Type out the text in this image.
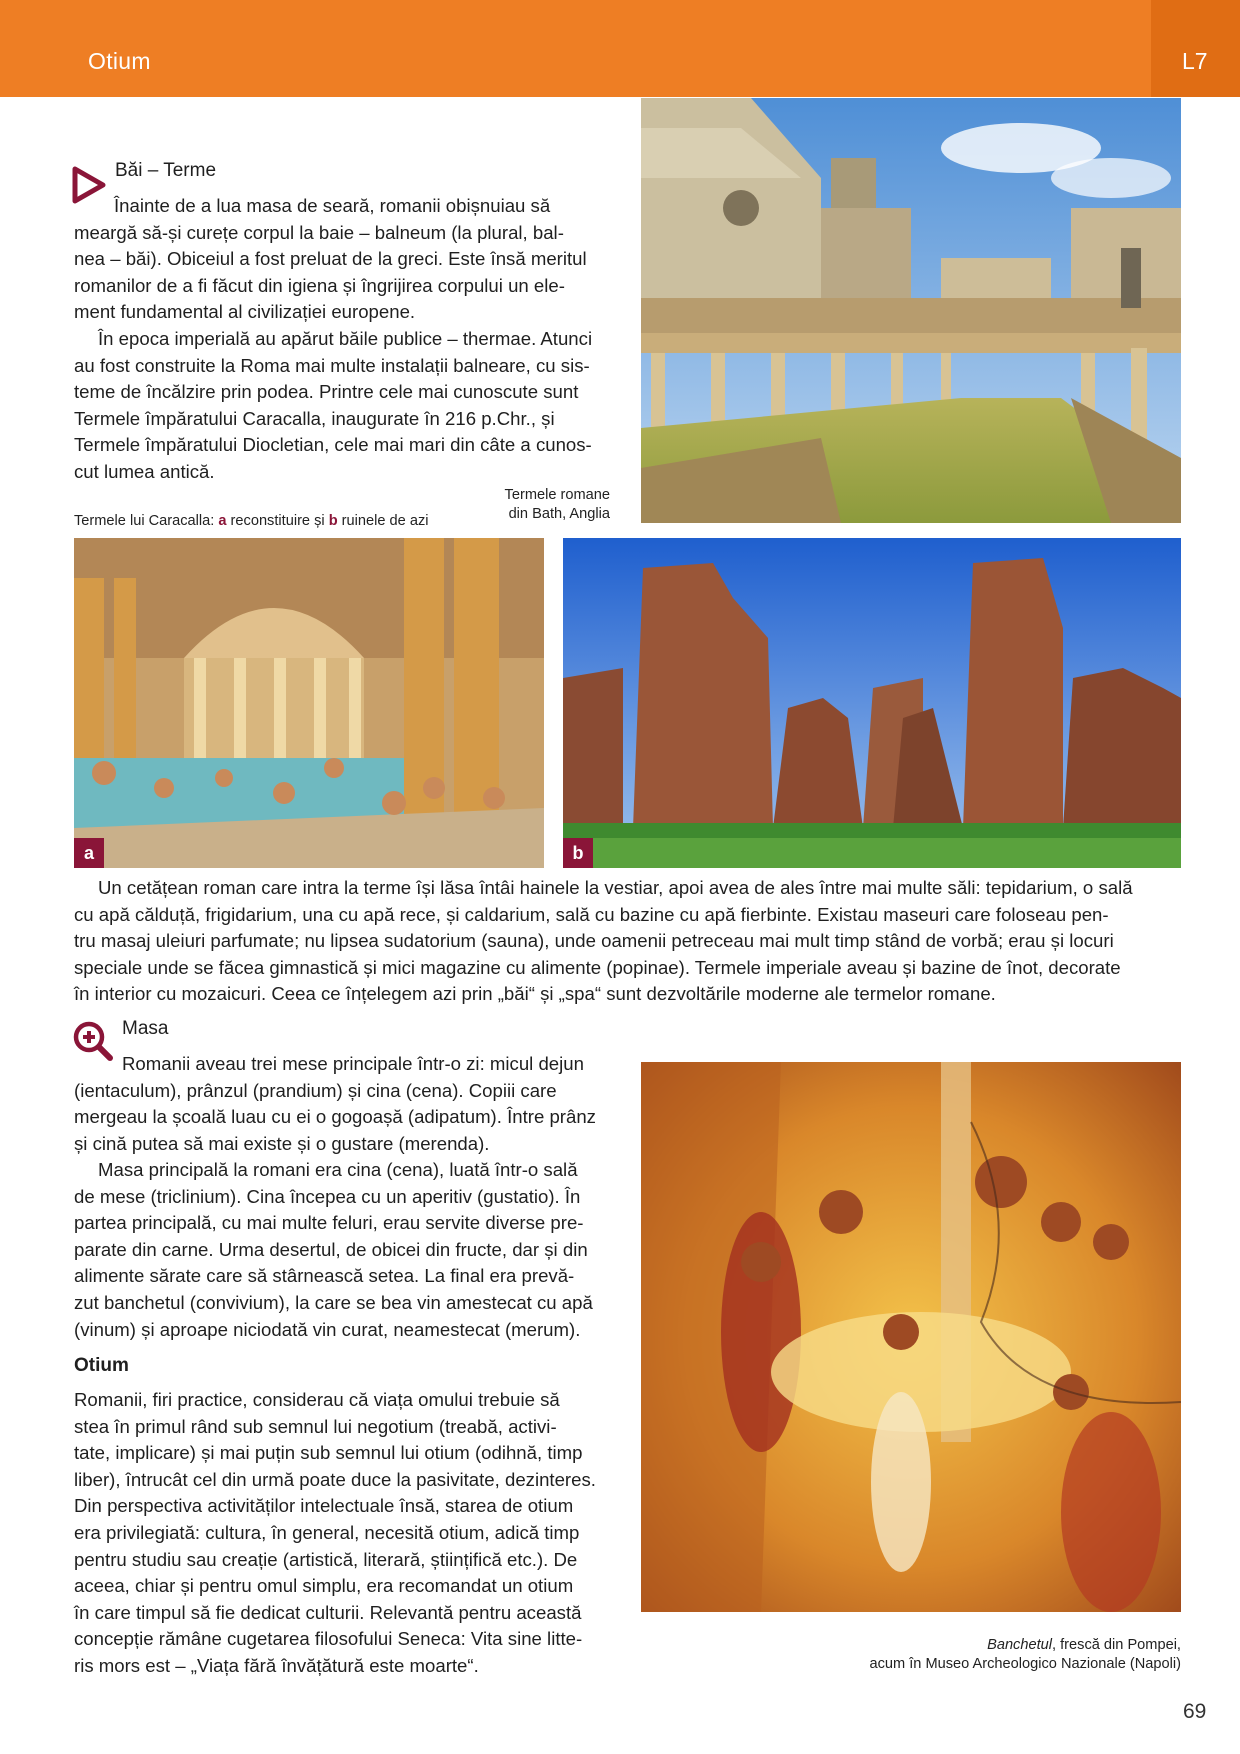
Otium	L7
Băi – Terme
Înainte de a lua masa de seară, romanii obișnuiau să
meargă să-și curețe corpul la baie – balneum (la plural, bal-
nea – băi). Obiceiul a fost preluat de la greci. Este însă meritul
romanilor de a fi făcut din igiena și îngrijirea corpului un ele-
ment fundamental al civilizației europene.
În epoca imperială au apărut băile publice – thermae. Atunci
au fost construite la Roma mai multe instalații balneare, cu sis-
teme de încălzire prin podea. Printre cele mai cunoscute sunt
Termele împăratului Caracalla, inaugurate în 216 p.Chr., și
Termele împăratului Diocletian, cele mai mari din câte a cunos-
cut lumea antică.
Termele romane
din Bath, Anglia
Termele lui Caracalla: a reconstituire și b ruinele de azi
a	b
Un cetățean roman care intra la terme își lăsa întâi hainele la vestiar, apoi avea de ales între mai multe săli: tepidarium, o sală
cu apă călduță, frigidarium, una cu apă rece, și caldarium, sală cu bazine cu apă fierbinte. Existau maseuri care foloseau pen-
tru masaj uleiuri parfumate; nu lipsea sudatorium (sauna), unde oamenii petreceau mai mult timp stând de vorbă; erau și locuri
speciale unde se făcea gimnastică și mici magazine cu alimente (popinae). Termele imperiale aveau și bazine de înot, decorate
în interior cu mozaicuri. Ceea ce înțelegem azi prin „băi“ și „spa“ sunt dezvoltările moderne ale termelor romane.
Masa
Romanii aveau trei mese principale într-o zi: micul dejun
(ientaculum), prânzul (prandium) și cina (cena). Copiii care
mergeau la școală luau cu ei o gogoașă (adipatum). Între prânz
și cină putea să mai existe și o gustare (merenda).
Masa principală la romani era cina (cena), luată într-o sală
de mese (triclinium). Cina începea cu un aperitiv (gustatio). În
partea principală, cu mai multe feluri, erau servite diverse pre-
parate din carne. Urma desertul, de obicei din fructe, dar și din
alimente sărate care să stârnească setea. La final era prevă-
zut banchetul (convivium), la care se bea vin amestecat cu apă
(vinum) și aproape niciodată vin curat, neamestecat (merum).
Otium
Romanii, firi practice, considerau că viața omului trebuie să
stea în primul rând sub semnul lui negotium (treabă, activi-
tate, implicare) și mai puțin sub semnul lui otium (odihnă, timp
liber), întrucât cel din urmă poate duce la pasivitate, dezinteres.
Din perspectiva activităților intelectuale însă, starea de otium
era privilegiată: cultura, în general, necesită otium, adică timp
pentru studiu sau creație (artistică, literară, științifică etc.). De
aceea, chiar și pentru omul simplu, era recomandat un otium
în care timpul să fie dedicat culturii. Relevantă pentru această
concepție rămâne cugetarea filosofului Seneca: Vita sine litte-
ris mors est – „Viața fără învățătură este moarte“.
Banchetul, frescă din Pompei,
acum în Museo Archeologico Nazionale (Napoli)
69
